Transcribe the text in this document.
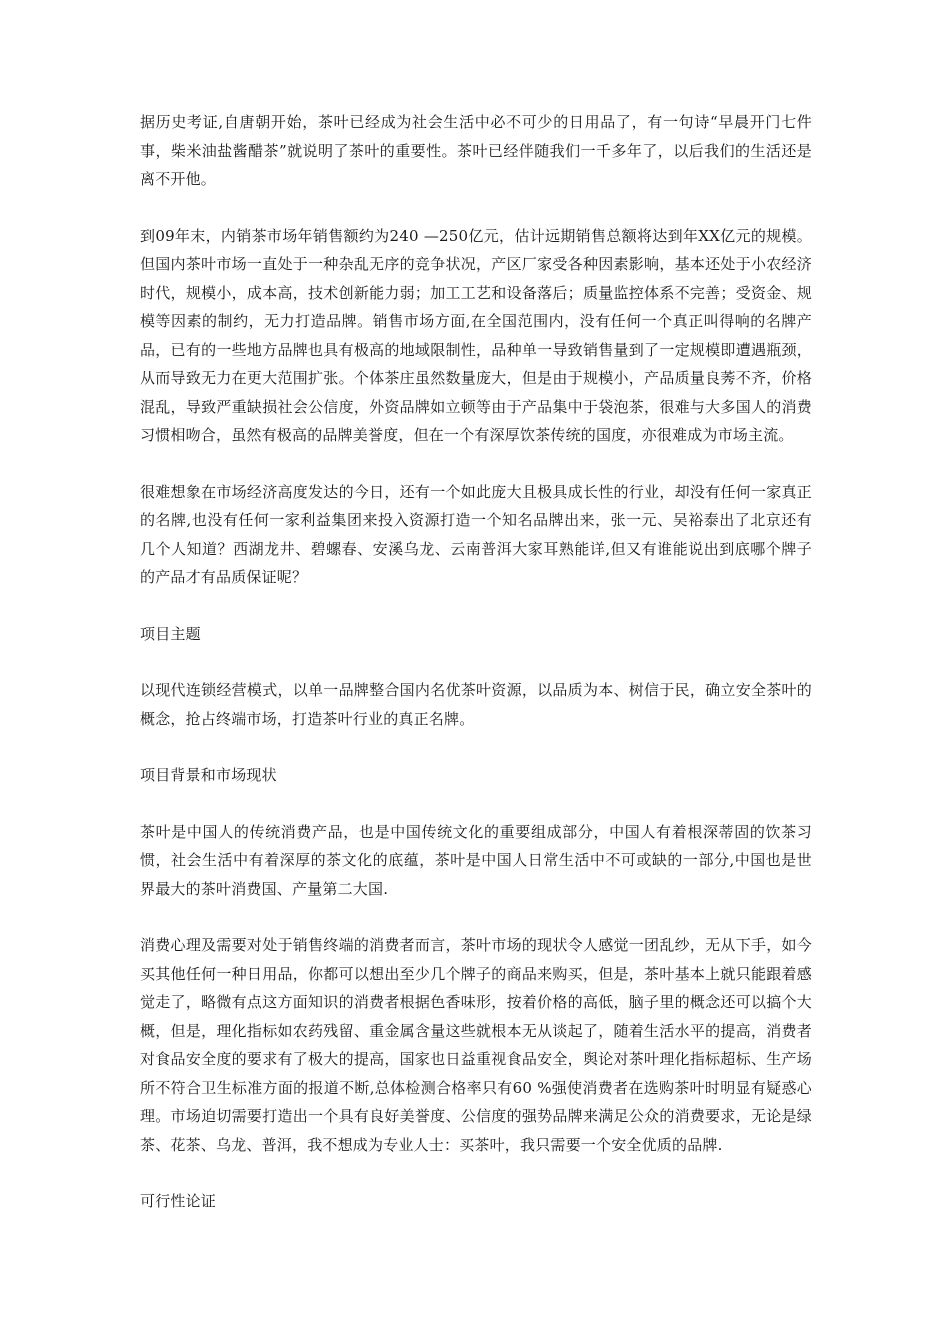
据历史考证,自唐朝开始，茶叶已经成为社会生活中必不可少的日用品了，有一句诗“早晨开门七件事，柴米油盐酱醋茶”就说明了茶叶的重要性。茶叶已经伴随我们一千多年了，以后我们的生活还是离不开他。

到09年末，内销茶市场年销售额约为240 —250亿元，估计远期销售总额将达到年XX亿元的规模。但国内茶叶市场一直处于一种杂乱无序的竞争状况，产区厂家受各种因素影响，基本还处于小农经济时代，规模小，成本高，技术创新能力弱；加工工艺和设备落后；质量监控体系不完善；受资金、规模等因素的制约，无力打造品牌。销售市场方面,在全国范围内，没有任何一个真正叫得响的名牌产品，已有的一些地方品牌也具有极高的地域限制性，品种单一导致销售量到了一定规模即遭遇瓶颈，从而导致无力在更大范围扩张。个体茶庄虽然数量庞大，但是由于规模小，产品质量良莠不齐，价格混乱，导致严重缺损社会公信度，外资品牌如立顿等由于产品集中于袋泡茶，很难与大多国人的消费习惯相吻合，虽然有极高的品牌美誉度，但在一个有深厚饮茶传统的国度，亦很难成为市场主流。

很难想象在市场经济高度发达的今日，还有一个如此庞大且极具成长性的行业，却没有任何一家真正的名牌,也没有任何一家利益集团来投入资源打造一个知名品牌出来，张一元、吴裕泰出了北京还有几个人知道？西湖龙井、碧螺春、安溪乌龙、云南普洱大家耳熟能详,但又有谁能说出到底哪个牌子的产品才有品质保证呢？

项目主题

以现代连锁经营模式，以单一品牌整合国内名优茶叶资源，以品质为本、树信于民，确立安全茶叶的概念，抢占终端市场，打造茶叶行业的真正名牌。

项目背景和市场现状

茶叶是中国人的传统消费产品，也是中国传统文化的重要组成部分，中国人有着根深蒂固的饮茶习惯，社会生活中有着深厚的茶文化的底蕴，茶叶是中国人日常生活中不可或缺的一部分,中国也是世界最大的茶叶消费国、产量第二大国.

消费心理及需要对处于销售终端的消费者而言，茶叶市场的现状令人感觉一团乱纱，无从下手，如今买其他任何一种日用品，你都可以想出至少几个牌子的商品来购买，但是，茶叶基本上就只能跟着感觉走了，略微有点这方面知识的消费者根据色香味形，按着价格的高低，脑子里的概念还可以搞个大概，但是，理化指标如农药残留、重金属含量这些就根本无从谈起了，随着生活水平的提高，消费者对食品安全度的要求有了极大的提高，国家也日益重视食品安全，舆论对茶叶理化指标超标、生产场所不符合卫生标准方面的报道不断,总体检测合格率只有60 %强使消费者在选购茶叶时明显有疑惑心理。市场迫切需要打造出一个具有良好美誉度、公信度的强势品牌来满足公众的消费要求，无论是绿茶、花茶、乌龙、普洱，我不想成为专业人士：买茶叶，我只需要一个安全优质的品牌.

可行性论证
